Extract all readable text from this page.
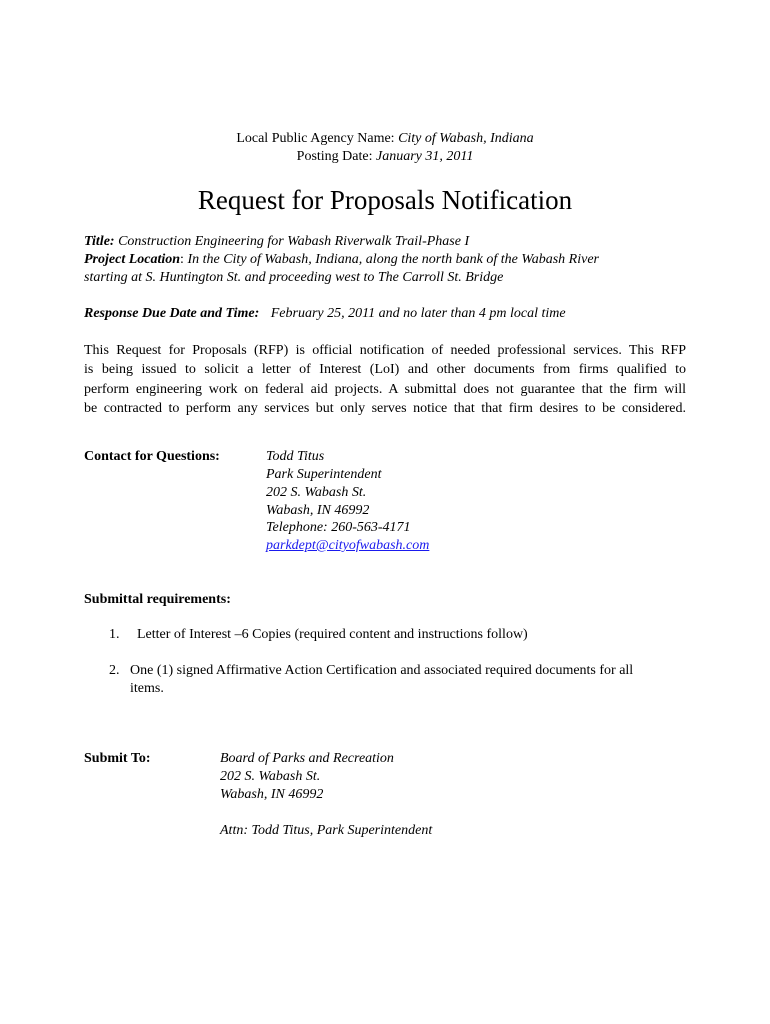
Local Public Agency Name: City of Wabash, Indiana
Posting Date: January 31, 2011
Request for Proposals Notification
Title: Construction Engineering for Wabash Riverwalk Trail-Phase I
Project Location: In the City of Wabash, Indiana, along the north bank of the Wabash River
starting at S. Huntington St. and proceeding west to The Carroll St. Bridge
Response Due Date and Time: February 25, 2011 and no later than 4 pm local time
This Request for Proposals (RFP) is official notification of needed professional services. This RFP
is being issued to solicit a letter of Interest (LoI) and other documents from firms qualified to
perform engineering work on federal aid projects. A submittal does not guarantee that the firm will
be contracted to perform any services but only serves notice that that firm desires to be considered.
Contact for Questions:	Todd Titus
Park Superintendent
202 S. Wabash St.
Wabash, IN 46992
Telephone: 260-563-4171
parkdept@cityofwabash.com
Submittal requirements:
1. Letter of Interest –6 Copies (required content and instructions follow)
2. One (1) signed Affirmative Action Certification and associated required documents for all
items.
Submit To:	Board of Parks and Recreation
202 S. Wabash St.
Wabash, IN 46992
Attn: Todd Titus, Park Superintendent
